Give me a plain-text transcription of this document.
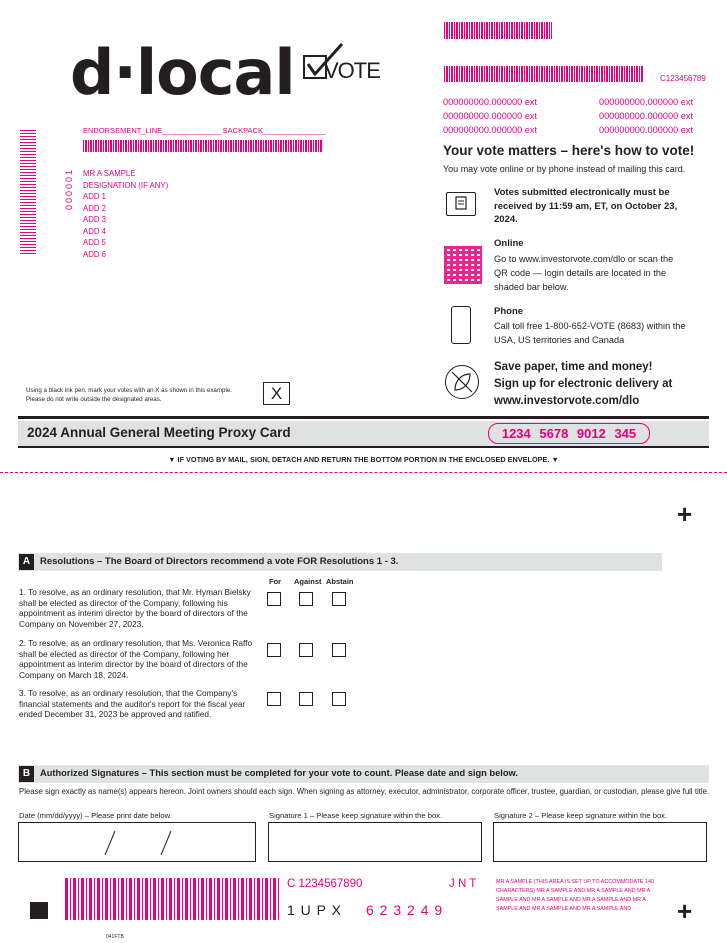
C123456789
000000000.000000 ext	000000000.000000 ext
000000000.000000 ext	000000000.000000 ext
000000000.000000 ext	000000000.000000 ext
d·local VOTE
ENDORSEMENT_LINE______________ SACKPACK_______________
000001 MR A SAMPLE
DESIGNATION (IF ANY)
ADD 1
ADD 2
ADD 3
ADD 4
ADD 5
ADD 6
Your vote matters – here's how to vote!
You may vote online or by phone instead of mailing this card.
Votes submitted electronically must be received by 11:59 am, ET, on October 23, 2024.
Online
Go to www.investorvote.com/dlo or scan the QR code — login details are located in the shaded bar below.
Phone
Call toll free 1-800-652-VOTE (8683) within the USA, US territories and Canada
Save paper, time and money!
Sign up for electronic delivery at
www.investorvote.com/dlo
Using a black ink pen, mark your votes with an X as shown in this example.
Please do not write outside the designated areas.	X
2024 Annual General Meeting Proxy Card	1234 5678 9012 345
▼ IF VOTING BY MAIL, SIGN, DETACH AND RETURN THE BOTTOM PORTION IN THE ENCLOSED ENVELOPE. ▼
+
A	Resolutions – The Board of Directors recommend a vote FOR Resolutions 1 - 3.
For Against Abstain
1. To resolve, as an ordinary resolution, that Mr. Hyman Bielsky shall be elected as director of the Company, following his appointment as interim director by the board of directors of the Company on November 27, 2023.
2. To resolve, as an ordinary resolution, that Ms. Veronica Raffo shall be elected as director of the Company, following her appointment as interim director by the board of directors of the Company on March 18, 2024.
3. To resolve, as an ordinary resolution, that the Company's financial statements and the auditor's report for the fiscal year ended December 31, 2023 be approved and ratified.
B	Authorized Signatures – This section must be completed for your vote to count. Please date and sign below.
Please sign exactly as name(s) appears hereon. Joint owners should each sign. When signing as attorney, executor, administrator, corporate officer, trustee, guardian, or custodian, please give full title.
Date (mm/dd/yyyy) – Please print date below.	Signature 1 – Please keep signature within the box.	Signature 2 – Please keep signature within the box.
041FTB
C 1234567890	J N T
1 U P X 6 2 3 2 4 9
MR A SAMPLE (THIS AREA IS SET UP TO ACCOMMODATE 140 CHARACTERS) MR A SAMPLE AND MR A SAMPLE AND MR A SAMPLE AND MR A SAMPLE AND MR A SAMPLE AND MR A SAMPLE AND MR A SAMPLE AND MR A SAMPLE AND	+
